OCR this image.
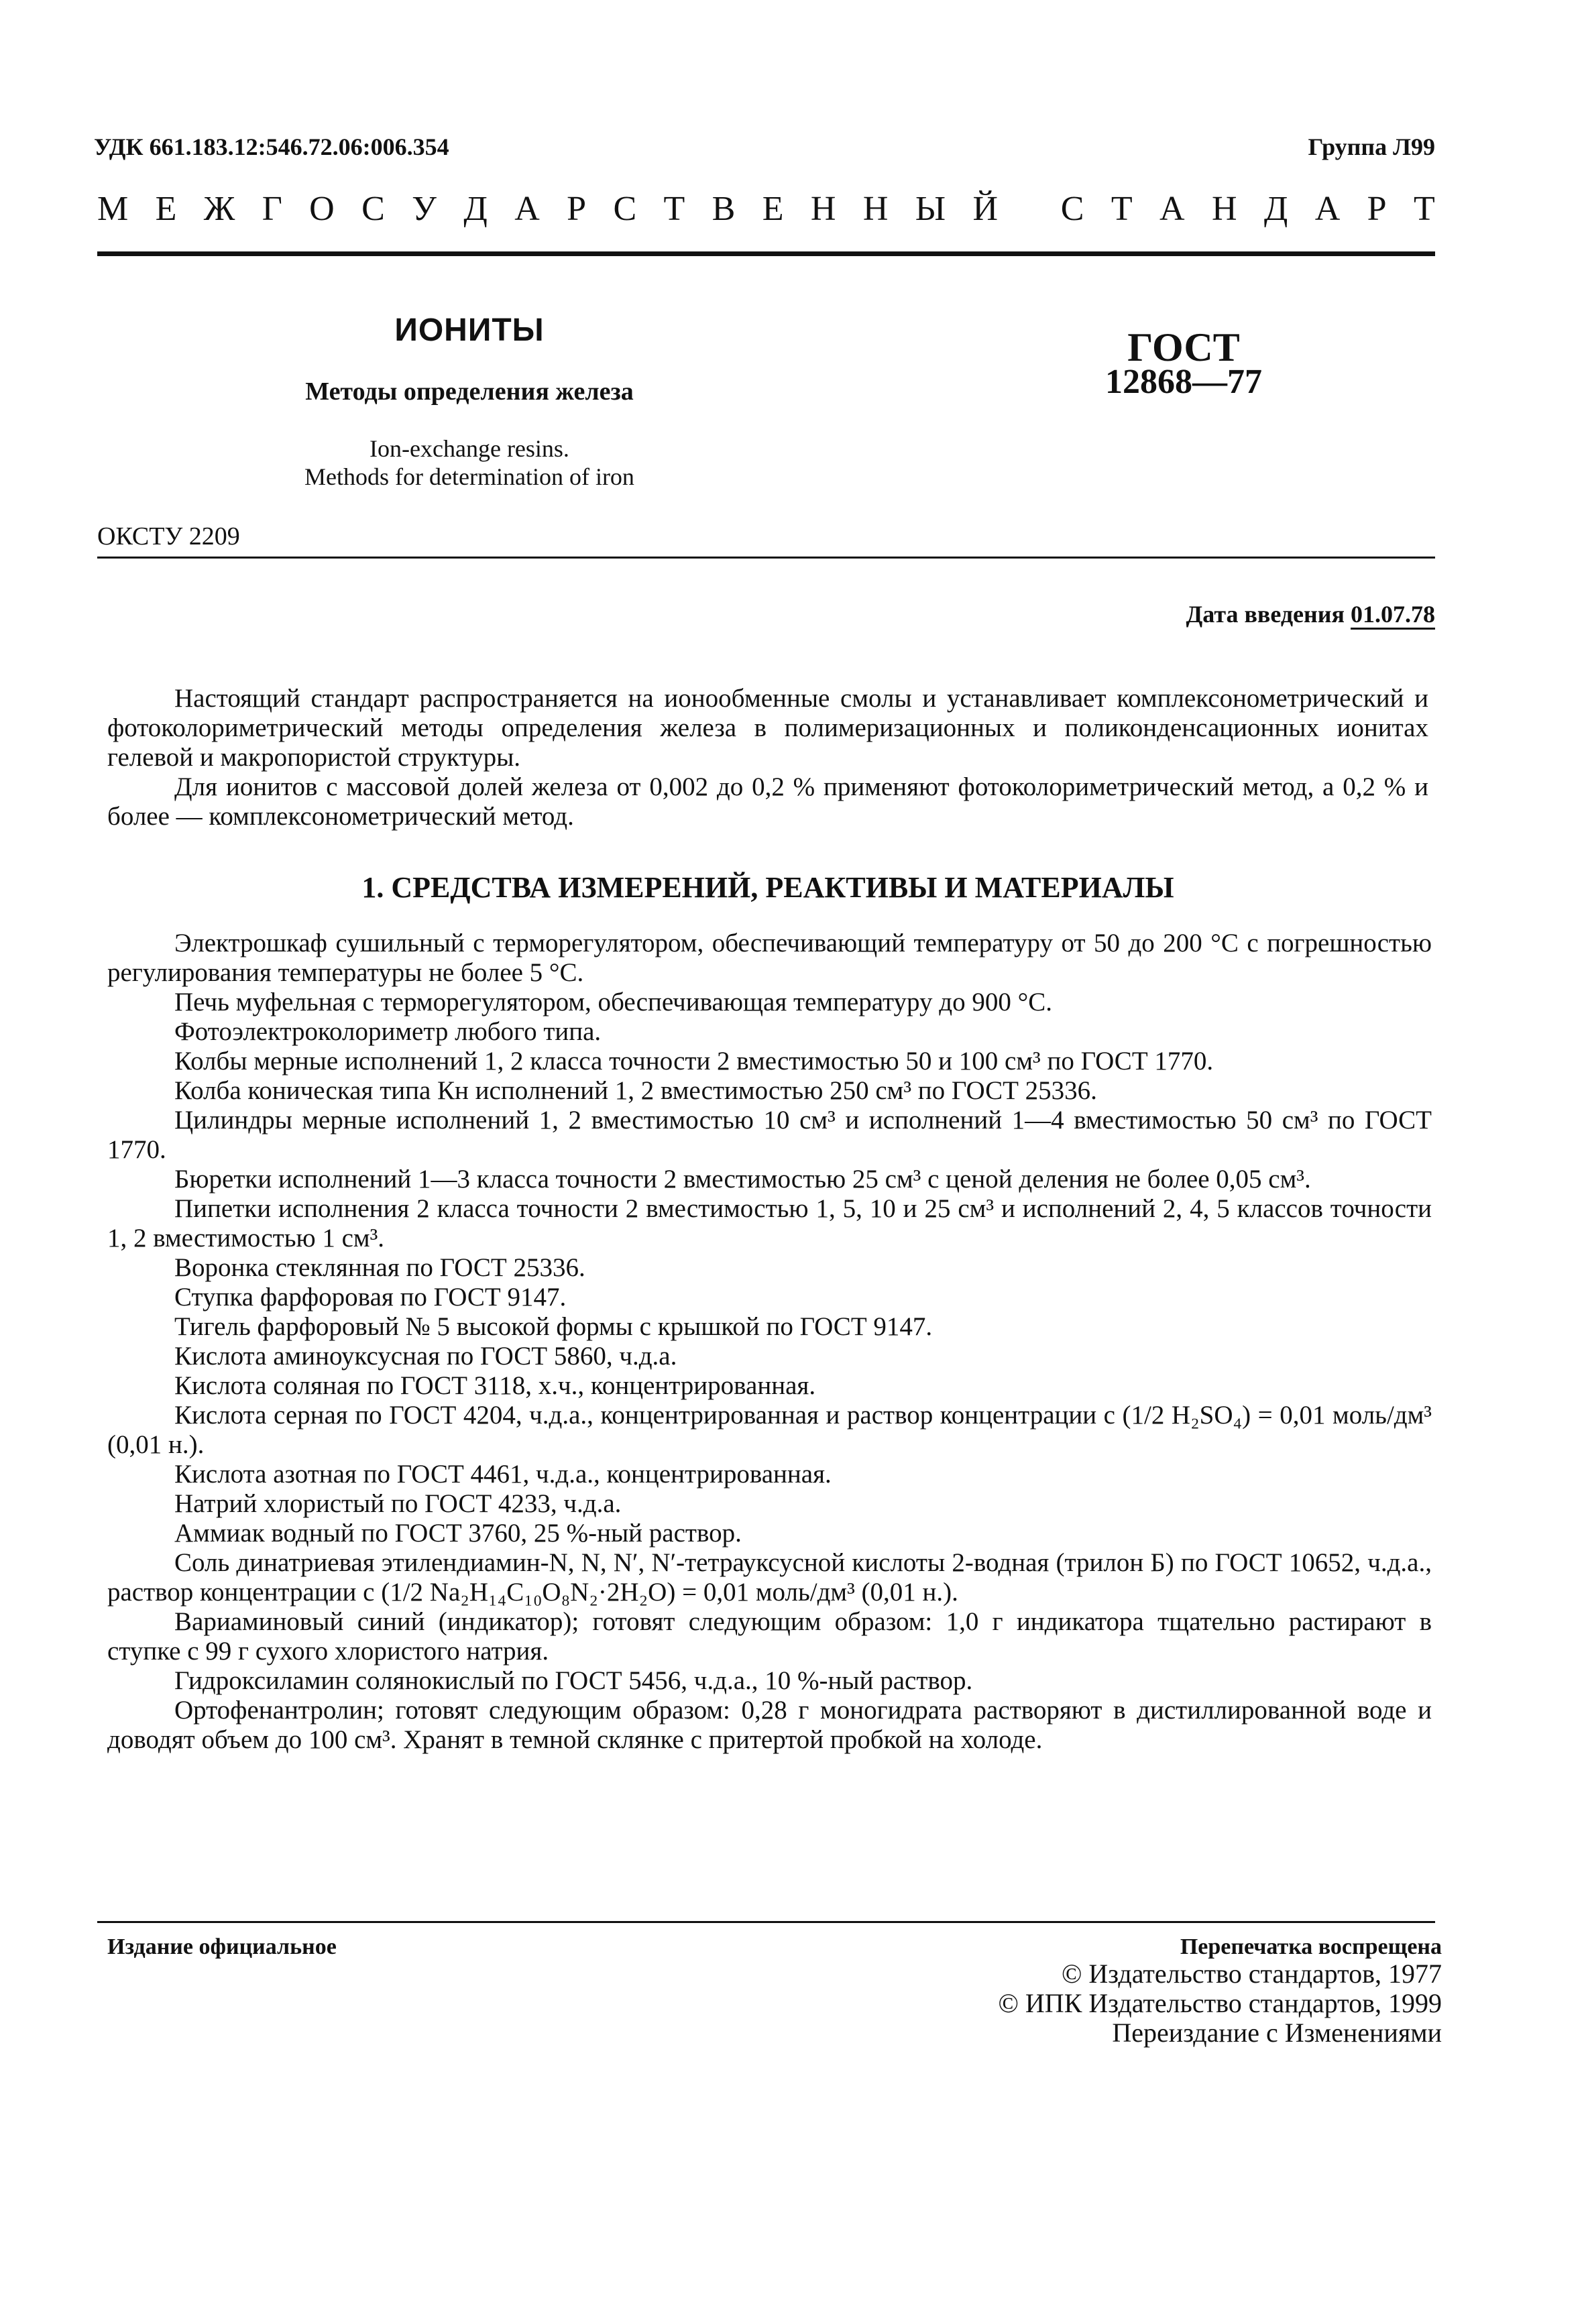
УДК 661.183.12:546.72.06:006.354	Группа Л99
М Е Ж Г О С У Д А Р С Т В Е Н Н Ы Й
С Т А Н Д А Р Т
ИОНИТЫ
Методы определения железа
Ion-exchange resins.
Methods for determination of iron
ГОСТ
12868—77
ОКСТУ 2209
Дата введения 01.07.78

Настоящий стандарт распространяется на ионообменные смолы и устанавливает комплексонометрический и фотоколориметрический методы определения железа в полимеризационных и поликонденсационных ионитах гелевой и макропористой структуры.

Для ионитов с массовой долей железа от 0,002 до 0,2 % применяют фотоколориметрический метод, а 0,2 % и более — комплексонометрический метод.

1. СРЕДСТВА ИЗМЕРЕНИЙ, РЕАКТИВЫ И МАТЕРИАЛЫ

Электрошкаф сушильный с терморегулятором, обеспечивающий температуру от 50 до 200 °С с погрешностью регулирования температуры не более 5 °С.

Печь муфельная с терморегулятором, обеспечивающая температуру до 900 °С.

Фотоэлектроколориметр любого типа.

Колбы мерные исполнений 1, 2 класса точности 2 вместимостью 50 и 100 см³ по ГОСТ 1770.

Колба коническая типа Кн исполнений 1, 2 вместимостью 250 см³ по ГОСТ 25336.

Цилиндры мерные исполнений 1, 2 вместимостью 10 см³ и исполнений 1—4 вместимостью 50 см³ по ГОСТ 1770.

Бюретки исполнений 1—3 класса точности 2 вместимостью 25 см³ с ценой деления не более 0,05 см³.

Пипетки исполнения 2 класса точности 2 вместимостью 1, 5, 10 и 25 см³ и исполнений 2, 4, 5 классов точности 1, 2 вместимостью 1 см³.

Воронка стеклянная по ГОСТ 25336.

Ступка фарфоровая по ГОСТ 9147.

Тигель фарфоровый № 5 высокой формы с крышкой по ГОСТ 9147.

Кислота аминоуксусная по ГОСТ 5860, ч.д.а.

Кислота соляная по ГОСТ 3118, х.ч., концентрированная.

Кислота серная по ГОСТ 4204, ч.д.а., концентрированная и раствор концентрации с (1/2 H₂SO₄) = 0,01 моль/дм³ (0,01 н.).

Кислота азотная по ГОСТ 4461, ч.д.а., концентрированная.

Натрий хлористый по ГОСТ 4233, ч.д.а.

Аммиак водный по ГОСТ 3760, 25 %-ный раствор.

Соль динатриевая этилендиамин-N, N, N′, N′-тетрауксусной кислоты 2-водная (трилон Б) по ГОСТ 10652, ч.д.а., раствор концентрации с (1/2 Na₂H₁₄C₁₀O₈N₂·2H₂O) = 0,01 моль/дм³ (0,01 н.).

Вариаминовый синий (индикатор); готовят следующим образом: 1,0 г индикатора тщательно растирают в ступке с 99 г сухого хлористого натрия.

Гидроксиламин солянокислый по ГОСТ 5456, ч.д.а., 10 %-ный раствор.

Ортофенантролин; готовят следующим образом: 0,28 г моногидрата растворяют в дистиллированной воде и доводят объем до 100 см³. Хранят в темной склянке с притертой пробкой на холоде.

Издание официальное	Перепечатка воспрещена
© Издательство стандартов, 1977
© ИПК Издательство стандартов, 1999
Переиздание с Изменениями
